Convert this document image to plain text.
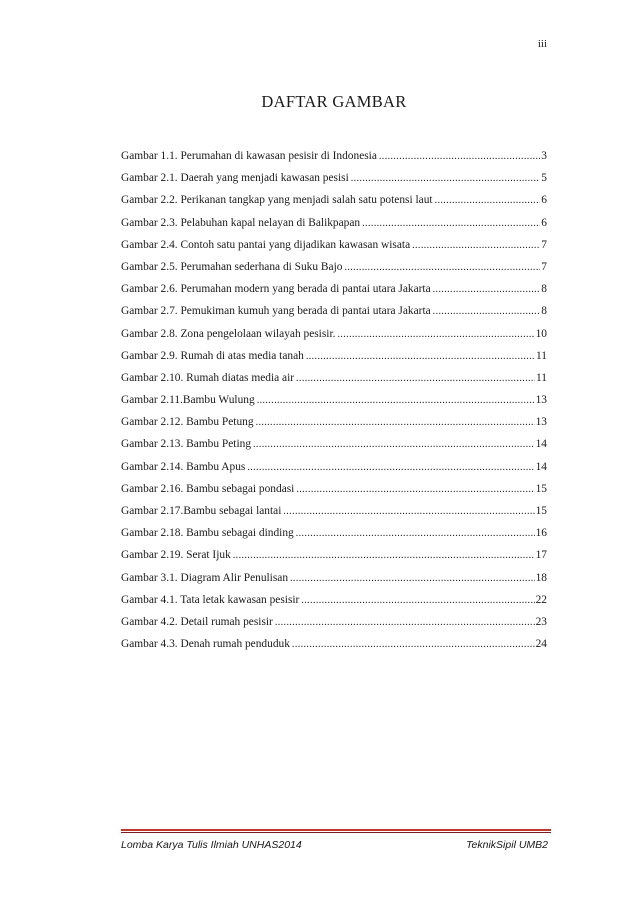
iii
DAFTAR GAMBAR
Gambar 1.1. Perumahan di kawasan pesisir di Indonesia .....	3
Gambar 2.1. Daerah yang menjadi kawasan pesisi .....	5
Gambar 2.2. Perikanan tangkap yang menjadi salah satu potensi laut .....	6
Gambar 2.3. Pelabuhan kapal nelayan di Balikpapan .....	6
Gambar 2.4. Contoh satu pantai yang dijadikan kawasan wisata .....	7
Gambar 2.5. Perumahan sederhana di Suku Bajo .....	7
Gambar 2.6. Perumahan modern yang berada di pantai utara Jakarta .....	8
Gambar 2.7. Pemukiman kumuh yang berada di pantai utara Jakarta .....	8
Gambar 2.8. Zona pengelolaan wilayah pesisir. .....	10
Gambar 2.9. Rumah di atas media tanah .....	11
Gambar 2.10. Rumah diatas media air .....	11
Gambar 2.11.Bambu Wulung .....	13
Gambar 2.12. Bambu Petung .....	13
Gambar 2.13. Bambu Peting .....	14
Gambar 2.14. Bambu Apus .....	14
Gambar 2.16. Bambu sebagai pondasi .....	15
Gambar 2.17.Bambu sebagai lantai .....	15
Gambar 2.18. Bambu sebagai dinding .....	16
Gambar 2.19. Serat Ijuk .....	17
Gambar 3.1. Diagram Alir Penulisan .....	18
Gambar 4.1. Tata letak kawasan pesisir .....	22
Gambar 4.2. Detail rumah pesisir .....	23
Gambar 4.3. Denah rumah penduduk .....	24
Lomba Karya Tulis Ilmiah UNHAS2014	TeknikSipil UMB2
